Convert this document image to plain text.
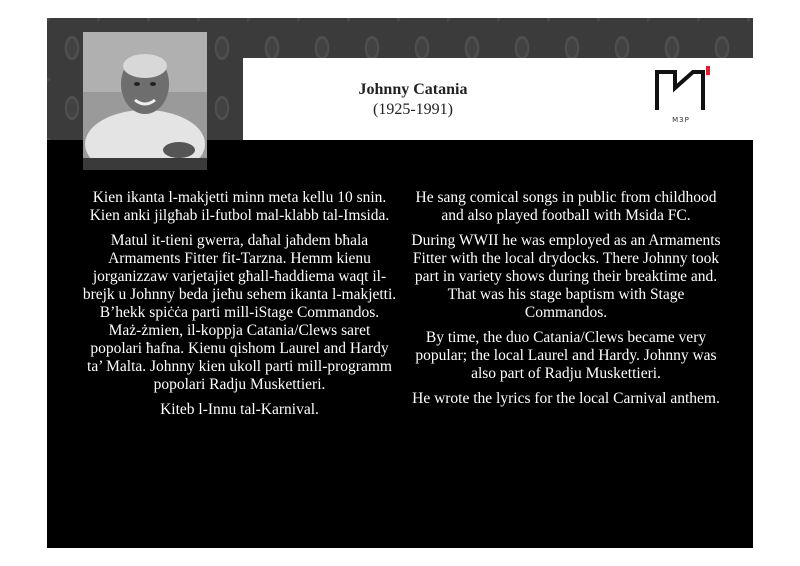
Johnny Catania
(1925-1991)
M3P

Kien ikanta l-makjetti minn meta kellu 10 snin. Kien anki jilgħab il-futbol mal-klabb tal-Imsida.

Matul it-tieni gwerra, daħal jaħdem bħala Armaments Fitter fit-Tarzna. Hemm kienu jorganizzaw varjetajiet għall-ħaddiema waqt il-brejk u Johnny beda jieħu sehem ikanta l-makjetti. B’hekk spiċċa parti mill-iStage Commandos. Maż-żmien, il-koppja Catania/Clews saret popolari ħafna. Kienu qishom Laurel and Hardy ta’ Malta. Johnny kien ukoll parti mill-programm popolari Radju Muskettieri.

Kiteb l-Innu tal-Karnival.

He sang comical songs in public from childhood and also played football with Msida FC.

During WWII he was employed as an Armaments Fitter with the local drydocks. There Johnny took part in variety shows during their breaktime and. That was his stage baptism with Stage Commandos.

By time, the duo Catania/Clews became very popular; the local Laurel and Hardy. Johnny was also part of Radju Muskettieri.

He wrote the lyrics for the local Carnival anthem.
